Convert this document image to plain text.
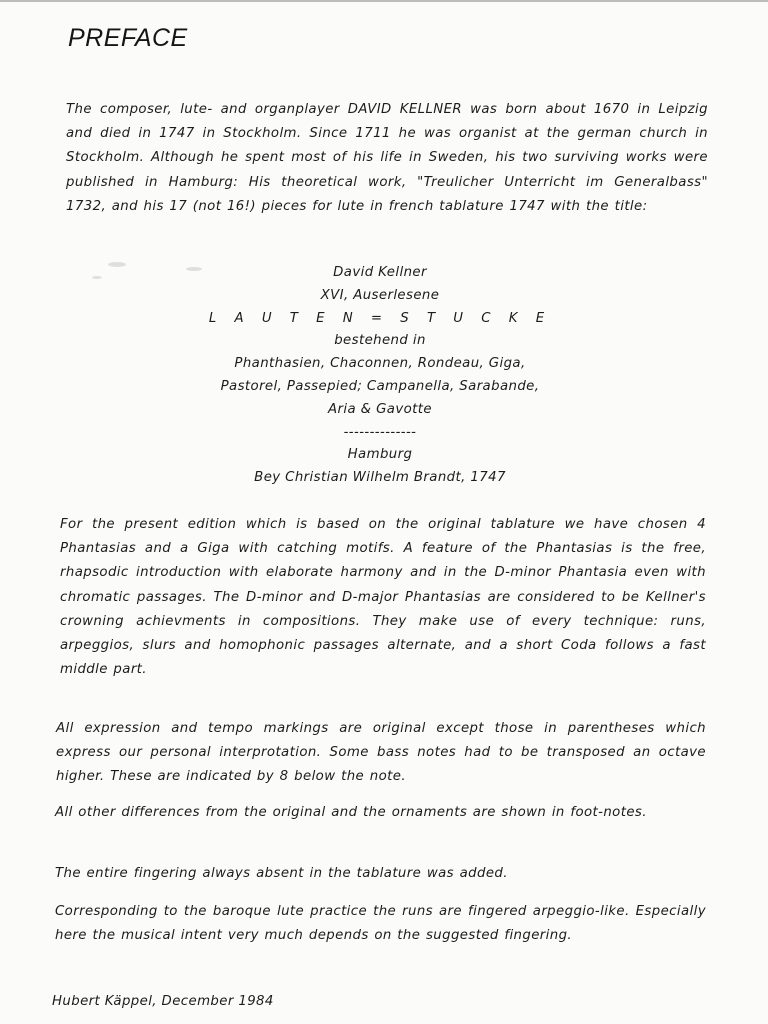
PREFACE

The composer, lute- and organplayer DAVID KELLNER was born about 1670 in Leipzig and died in 1747 in Stockholm. Since 1711 he was organist at the german church in Stockholm. Although he spent most of his life in Sweden, his two surviving works were published in Hamburg: His theoretical work, "Treulicher Unterricht im Generalbass" 1732, and his 17 (not 16!) pieces for lute in french tablature 1747 with the title:

David Kellner
XVI, Auserlesene
L A U T E N = S T U C K E
bestehend in
Phanthasien, Chaconnen, Rondeau, Giga,
Pastorel, Passepied; Campanella, Sarabande,
Aria & Gavotte
--------------
Hamburg
Bey Christian Wilhelm Brandt, 1747

For the present edition which is based on the original tablature we have chosen 4 Phantasias and a Giga with catching motifs. A feature of the Phantasias is the free, rhapsodic introduction with elaborate harmony and in the D-minor Phantasia even with chromatic passages. The D-minor and D-major Phantasias are considered to be Kellner's crowning achievments in compositions. They make use of every technique: runs, arpeggios, slurs and homophonic passages alternate, and a short Coda follows a fast middle part.

All expression and tempo markings are original except those in parentheses which express our personal interprotation. Some bass notes had to be transposed an octave higher. These are indicated by 8 below the note.

All other differences from the original and the ornaments are shown in foot-notes.

The entire fingering always absent in the tablature was added.

Corresponding to the baroque lute practice the runs are fingered arpeggio-like. Especially here the musical intent very much depends on the suggested fingering.

Hubert Käppel, December 1984
